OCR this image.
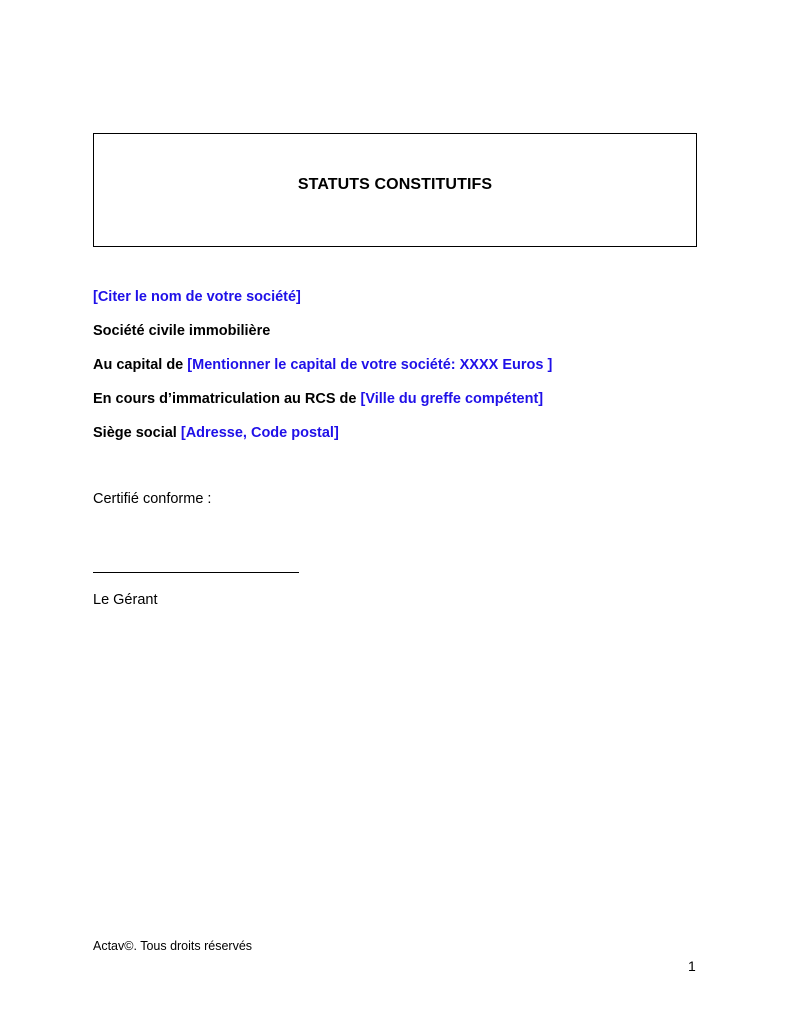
STATUTS CONSTITUTIFS
[Citer le nom de votre société]
Société civile immobilière
Au capital de [Mentionner le capital de votre société: XXXX Euros ]
En cours d’immatriculation au RCS de [Ville du greffe compétent]
Siège social [Adresse, Code postal]
Certifié conforme :
Le Gérant
Actav©. Tous droits réservés
1
